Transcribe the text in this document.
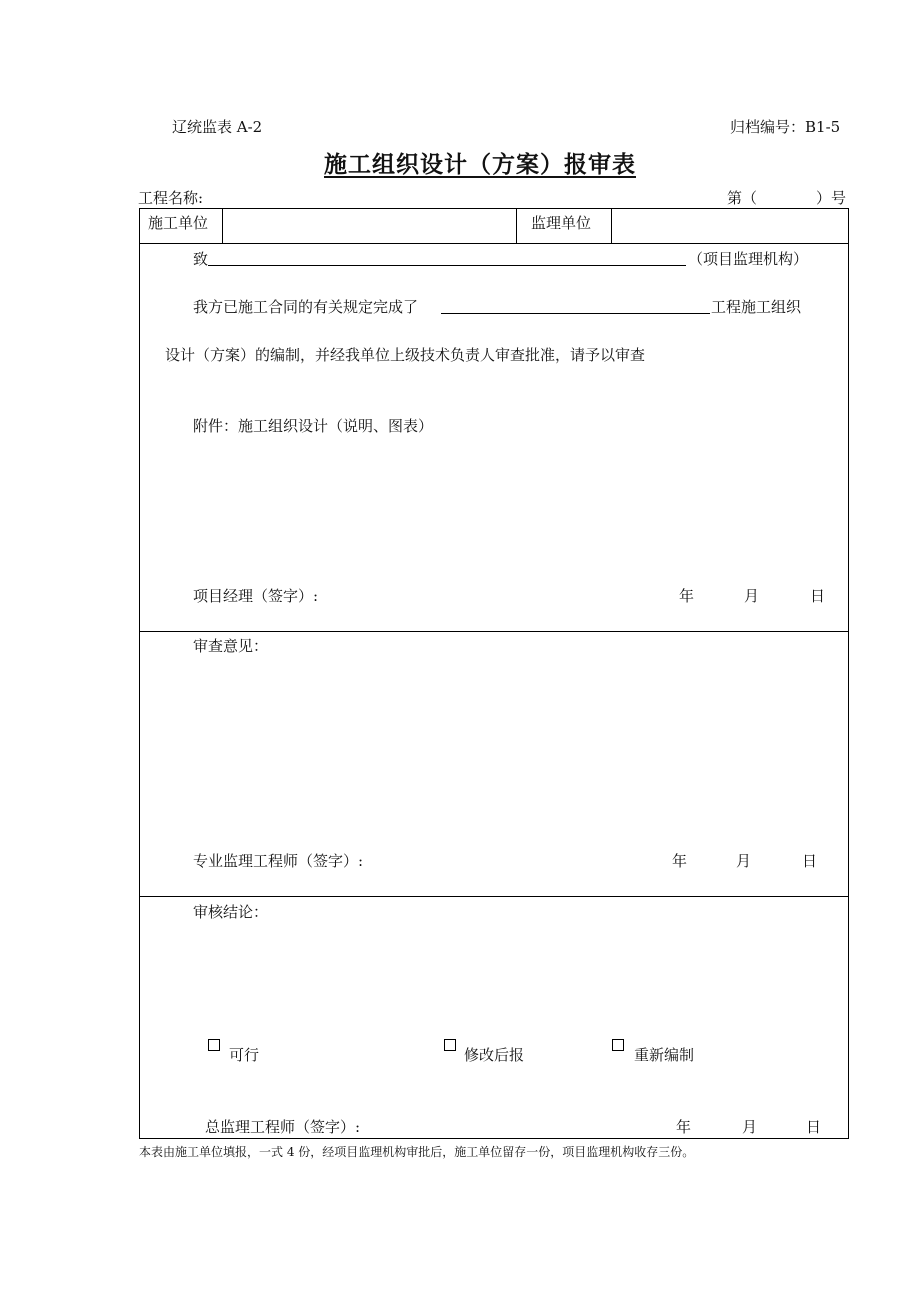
辽统监表 A-2	归档编号：B1-5
施工组织设计（方案）报审表
工程名称:	第（	）号
施工单位	监理单位
致	（项目监理机构）
我方已施工合同的有关规定完成了	工程施工组织
设计（方案）的编制，并经我单位上级技术负责人审查批准，请予以审查
附件：施工组织设计（说明、图表）
项目经理（签字）:	年	月	日
审查意见：
专业监理工程师（签字）:	年	月	日
审核结论：
可行	修改后报	重新编制
总监理工程师（签字）:	年	月	日
本表由施工单位填报，一式 4 份，经项目监理机构审批后，施工单位留存一份，项目监理机构收存三份。
